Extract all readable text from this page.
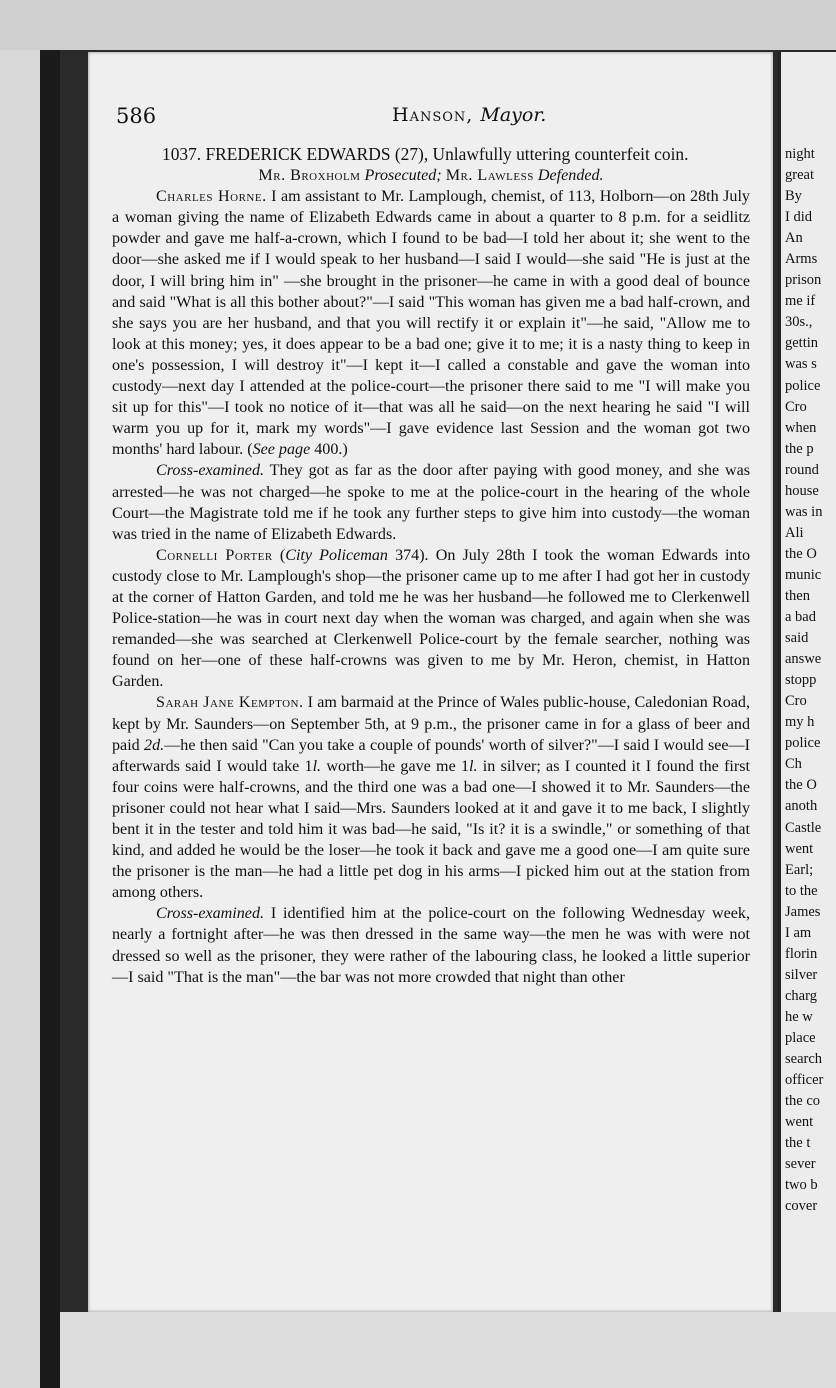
586	Hanson, Mayor.

1037. FREDERICK EDWARDS (27), Unlawfully uttering counterfeit coin.

Mr. Broxholm Prosecuted; Mr. Lawless Defended.

Charles Horne. I am assistant to Mr. Lamplough, chemist, of 113, Holborn—on 28th July a woman giving the name of Elizabeth Edwards came in about a quarter to 8 p.m. for a seidlitz powder and gave me half-a-crown, which I found to be bad—I told her about it; she went to the door—she asked me if I would speak to her husband—I said I would—she said "He is just at the door, I will bring him in" —she brought in the prisoner—he came in with a good deal of bounce and said "What is all this bother about?"—I said "This woman has given me a bad half-crown, and she says you are her husband, and that you will rectify it or explain it"—he said, "Allow me to look at this money; yes, it does appear to be a bad one; give it to me; it is a nasty thing to keep in one's possession, I will destroy it"—I kept it—I called a constable and gave the woman into custody—next day I attended at the police-court—the prisoner there said to me "I will make you sit up for this"—I took no notice of it—that was all he said—on the next hearing he said "I will warm you up for it, mark my words"—I gave evidence last Session and the woman got two months' hard labour. (See page 400.)

Cross-examined. They got as far as the door after paying with good money, and she was arrested—he was not charged—he spoke to me at the police-court in the hearing of the whole Court—the Magistrate told me if he took any further steps to give him into custody—the woman was tried in the name of Elizabeth Edwards.

Cornelli Porter (City Policeman 374). On July 28th I took the woman Edwards into custody close to Mr. Lamplough's shop—the prisoner came up to me after I had got her in custody at the corner of Hatton Garden, and told me he was her husband—he followed me to Clerkenwell Police-station—he was in court next day when the woman was charged, and again when she was remanded—she was searched at Clerkenwell Police-court by the female searcher, nothing was found on her—one of these half-crowns was given to me by Mr. Heron, chemist, in Hatton Garden.

Sarah Jane Kempton. I am barmaid at the Prince of Wales public-house, Caledonian Road, kept by Mr. Saunders—on September 5th, at 9 p.m., the prisoner came in for a glass of beer and paid 2d.—he then said "Can you take a couple of pounds' worth of silver?"—I said I would see—I afterwards said I would take 1l. worth—he gave me 1l. in silver; as I counted it I found the first four coins were half-crowns, and the third one was a bad one—I showed it to Mr. Saunders—the prisoner could not hear what I said—Mrs. Saunders looked at it and gave it to me back, I slightly bent it in the tester and told him it was bad—he said, "Is it? it is a swindle," or something of that kind, and added he would be the loser—he took it back and gave me a good one—I am quite sure the prisoner is the man—he had a little pet dog in his arms—I picked him out at the station from among others.

Cross-examined. I identified him at the police-court on the following Wednesday week, nearly a fortnight after—he was then dressed in the same way—the men he was with were not dressed so well as the prisoner, they were rather of the labouring class, he looked a little superior—I said "That is the man"—the bar was not more crowded that night than other

night
great
By
I did
An
Arms
prison
me if
30s.,
gettin
was s
police
Cro
when
the p
round
house
was in
Ali
the O
munic
then
a bad
said
answe
stopp
Cro
my h
police
Ch
the O
anoth
Castle
went
Earl;
to the
James
I am
florin
silver
charg
he w
place
search
officer
the co
went
the t
sever
two b
cover
